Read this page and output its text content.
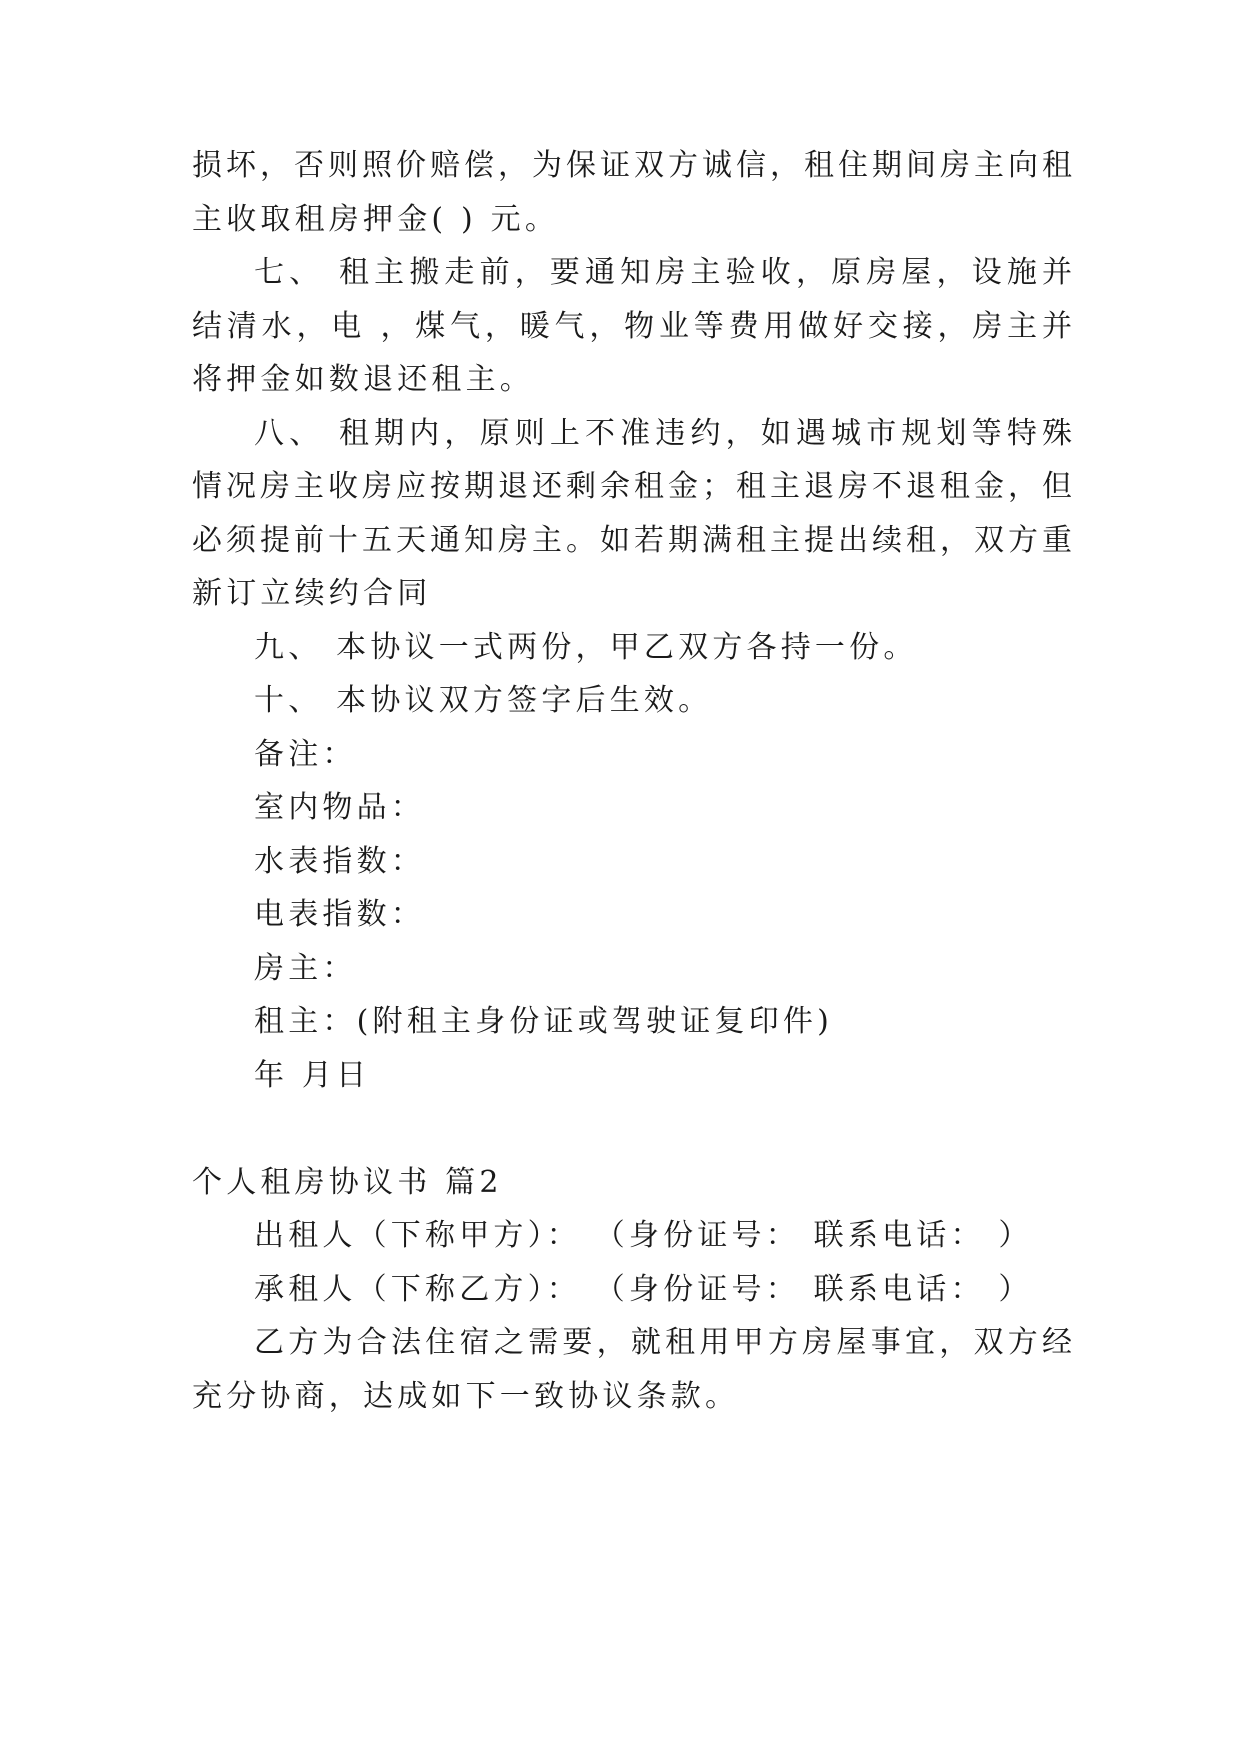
损坏，否则照价赔偿，为保证双方诚信，租住期间房主向租
主收取租房押金( ) 元。
七、 租主搬走前，要通知房主验收，原房屋，设施并
结清水，电 ，煤气，暖气，物业等费用做好交接，房主并
将押金如数退还租主。
八、 租期内，原则上不准违约，如遇城市规划等特殊
情况房主收房应按期退还剩余租金；租主退房不退租金，但
必须提前十五天通知房主。如若期满租主提出续租，双方重
新订立续约合同
九、 本协议一式两份，甲乙双方各持一份。
十、 本协议双方签字后生效。
备注：
室内物品：
水表指数：
电表指数：
房主：
租主：(附租主身份证或驾驶证复印件)
年 月日
个人租房协议书 篇2
出租人（下称甲方）： （身份证号： 联系电话： ）
承租人（下称乙方）： （身份证号： 联系电话： ）
乙方为合法住宿之需要，就租用甲方房屋事宜，双方经
充分协商，达成如下一致协议条款。
